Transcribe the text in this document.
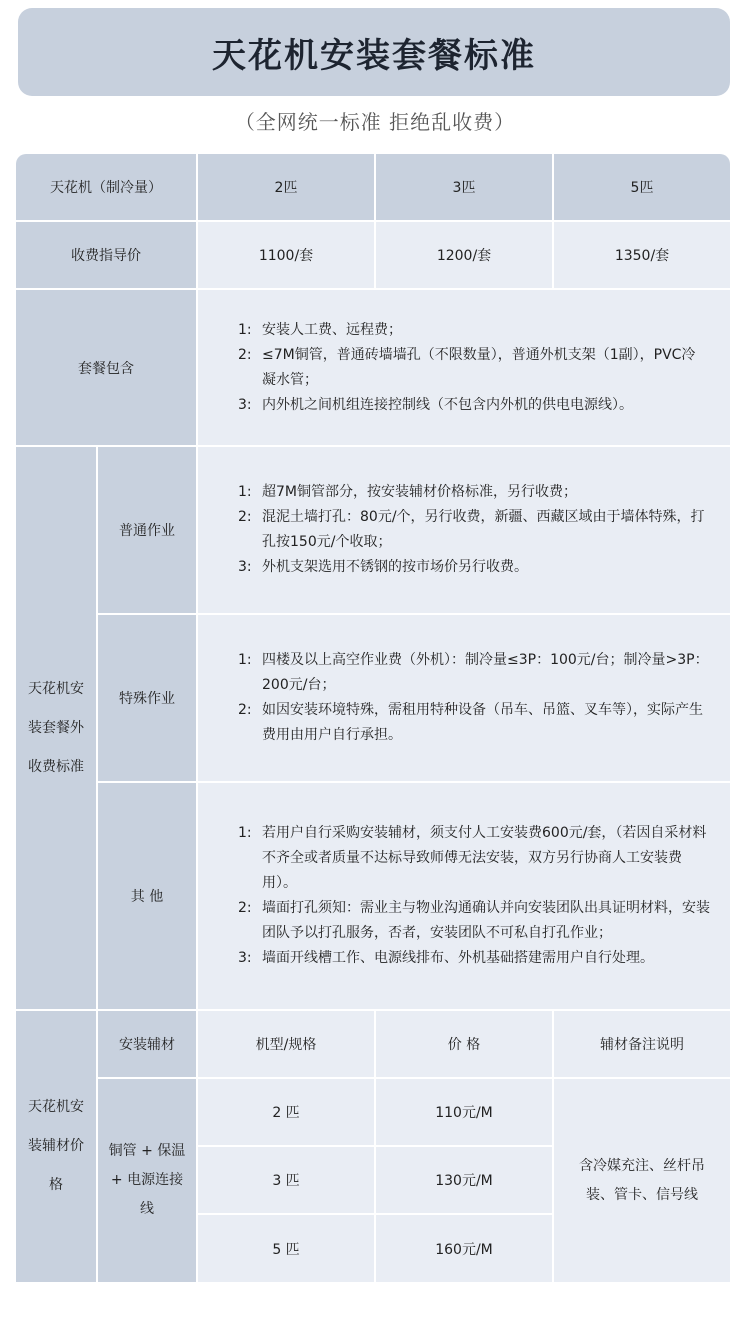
天花机安装套餐标准
（全网统一标准 拒绝乱收费）
天花机（制冷量）	2匹	3匹	5匹
收费指导价	1100/套	1200/套	1350/套
套餐包含
1: 安装人工费、远程费；
2: ≤7M铜管，普通砖墙墙孔（不限数量），普通外机支架（1副），PVC冷凝水管；
3: 内外机之间机组连接控制线（不包含内外机的供电电源线）。
天花机安装套餐外收费标准
普通作业
1: 超7M铜管部分，按安装辅材价格标准，另行收费；
2: 混泥土墙打孔：80元/个，另行收费，新疆、西藏区域由于墙体特殊，打孔按150元/个收取；
3: 外机支架选用不锈钢的按市场价另行收费。
特殊作业
1: 四楼及以上高空作业费（外机）：制冷量≤3P：100元/台；制冷量>3P：200元/台；
2: 如因安装环境特殊，需租用特种设备（吊车、吊篮、叉车等），实际产生费用由用户自行承担。
其 他
1: 若用户自行采购安装辅材，须支付人工安装费600元/套，（若因自采材料不齐全或者质量不达标导致师傅无法安装，双方另行协商人工安装费用）。
2: 墙面打孔须知：需业主与物业沟通确认并向安装团队出具证明材料，安装团队予以打孔服务，否者，安装团队不可私自打孔作业；
3: 墙面开线槽工作、电源线排布、外机基础搭建需用户自行处理。
天花机安装辅材价格
安装辅材	机型/规格	价 格	辅材备注说明
铜管 + 保温 + 电源连接线
2 匹	110元/M
3 匹	130元/M
5 匹	160元/M
含冷媒充注、丝杆吊装、管卡、信号线
